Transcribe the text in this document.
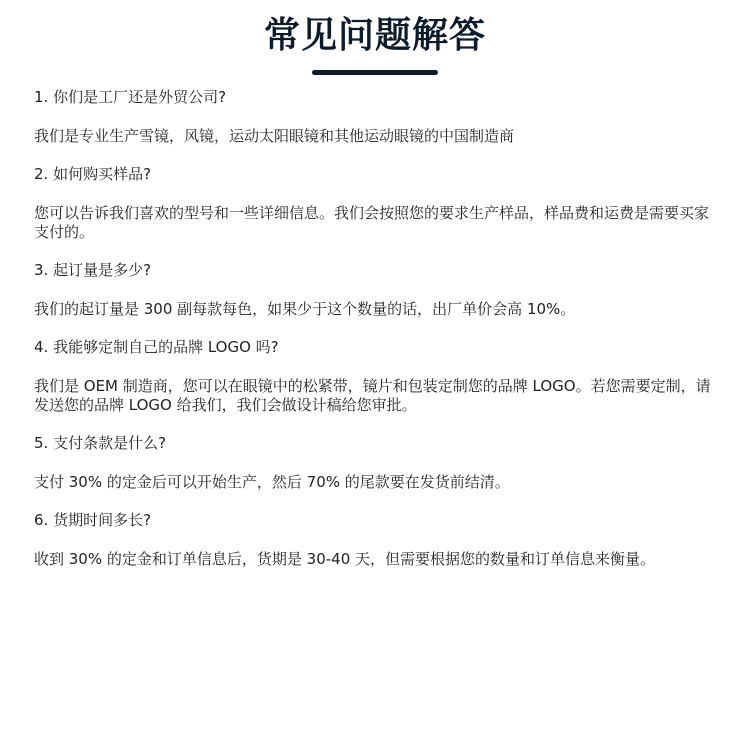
常见问题解答

1. 你们是工厂还是外贸公司?

我们是专业生产雪镜，风镜，运动太阳眼镜和其他运动眼镜的中国制造商

2. 如何购买样品?

您可以告诉我们喜欢的型号和一些详细信息。我们会按照您的要求生产样品，样品费和运费是需要买家支付的。

3. 起订量是多少?

我们的起订量是 300 副每款每色，如果少于这个数量的话，出厂单价会高 10%。

4. 我能够定制自己的品牌 LOGO 吗?

我们是 OEM 制造商，您可以在眼镜中的松紧带，镜片和包装定制您的品牌 LOGO。若您需要定制，请发送您的品牌 LOGO 给我们，我们会做设计稿给您审批。

5. 支付条款是什么?

支付 30% 的定金后可以开始生产，然后 70% 的尾款要在发货前结清。

6. 货期时间多长?

收到 30% 的定金和订单信息后，货期是 30-40 天，但需要根据您的数量和订单信息来衡量。
